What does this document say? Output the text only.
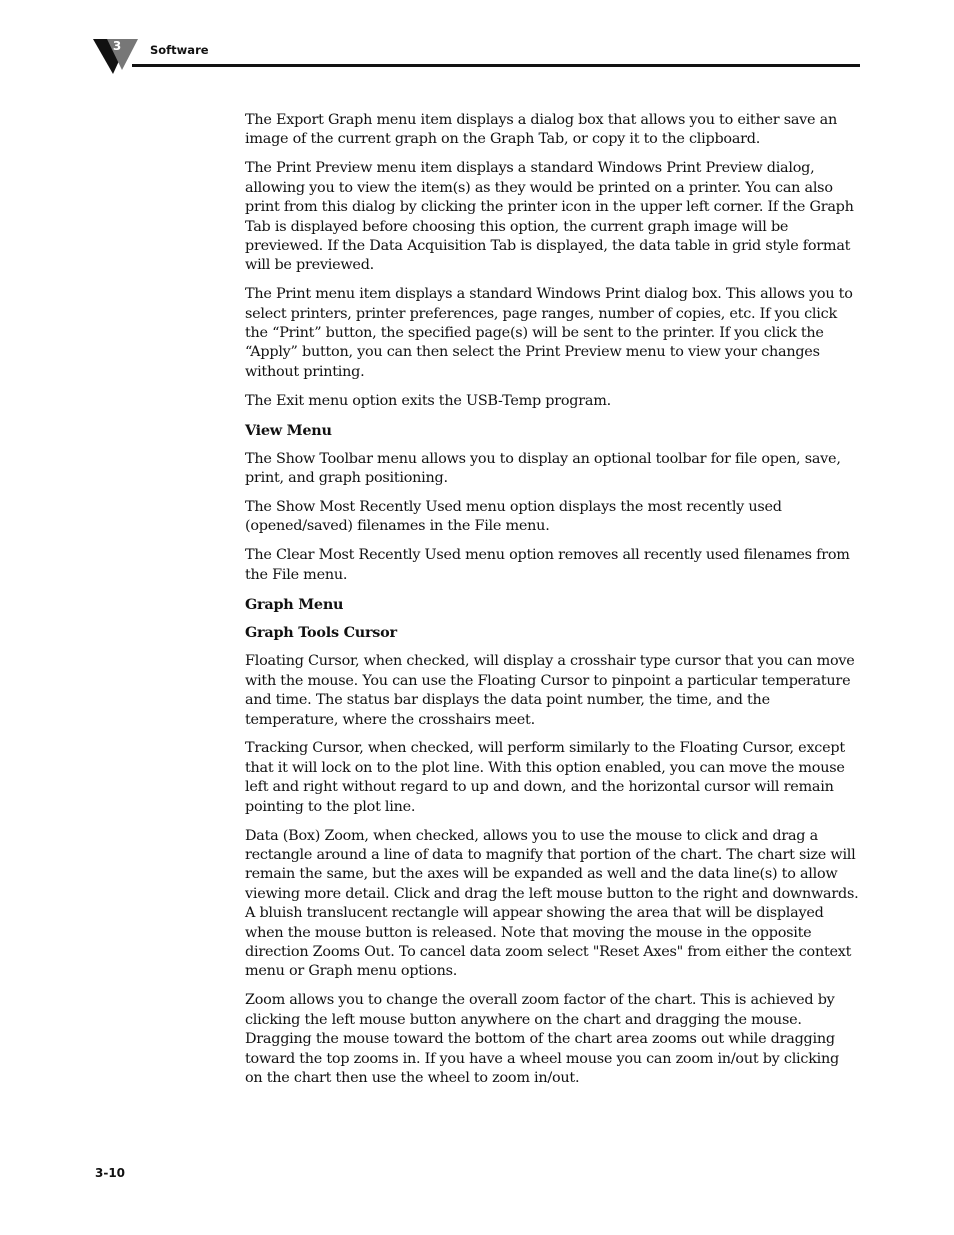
3	Software

The Export Graph menu item displays a dialog box that allows you to either save an image of the current graph on the Graph Tab, or copy it to the clipboard.

The Print Preview menu item displays a standard Windows Print Preview dialog, allowing you to view the item(s) as they would be printed on a printer. You can also print from this dialog by clicking the printer icon in the upper left corner. If the Graph Tab is displayed before choosing this option, the current graph image will be previewed. If the Data Acquisition Tab is displayed, the data table in grid style format will be previewed.

The Print menu item displays a standard Windows Print dialog box. This allows you to select printers, printer preferences, page ranges, number of copies, etc. If you click the “Print” button, the specified page(s) will be sent to the printer. If you click the “Apply” button, you can then select the Print Preview menu to view your changes without printing.

The Exit menu option exits the USB-Temp program.

View Menu

The Show Toolbar menu allows you to display an optional toolbar for file open, save, print, and graph positioning.

The Show Most Recently Used menu option displays the most recently used (opened/saved) filenames in the File menu.

The Clear Most Recently Used menu option removes all recently used filenames from the File menu.

Graph Menu

Graph Tools Cursor

Floating Cursor, when checked, will display a crosshair type cursor that you can move with the mouse. You can use the Floating Cursor to pinpoint a particular temperature and time. The status bar displays the data point number, the time, and the temperature, where the crosshairs meet.

Tracking Cursor, when checked, will perform similarly to the Floating Cursor, except that it will lock on to the plot line. With this option enabled, you can move the mouse left and right without regard to up and down, and the horizontal cursor will remain pointing to the plot line.

Data (Box) Zoom, when checked, allows you to use the mouse to click and drag a rectangle around a line of data to magnify that portion of the chart. The chart size will remain the same, but the axes will be expanded as well and the data line(s) to allow viewing more detail. Click and drag the left mouse button to the right and downwards. A bluish translucent rectangle will appear showing the area that will be displayed when the mouse button is released. Note that moving the mouse in the opposite direction Zooms Out. To cancel data zoom select "Reset Axes" from either the context menu or Graph menu options.

Zoom allows you to change the overall zoom factor of the chart. This is achieved by clicking the left mouse button anywhere on the chart and dragging the mouse. Dragging the mouse toward the bottom of the chart area zooms out while dragging toward the top zooms in. If you have a wheel mouse you can zoom in/out by clicking on the chart then use the wheel to zoom in/out.

3-10
